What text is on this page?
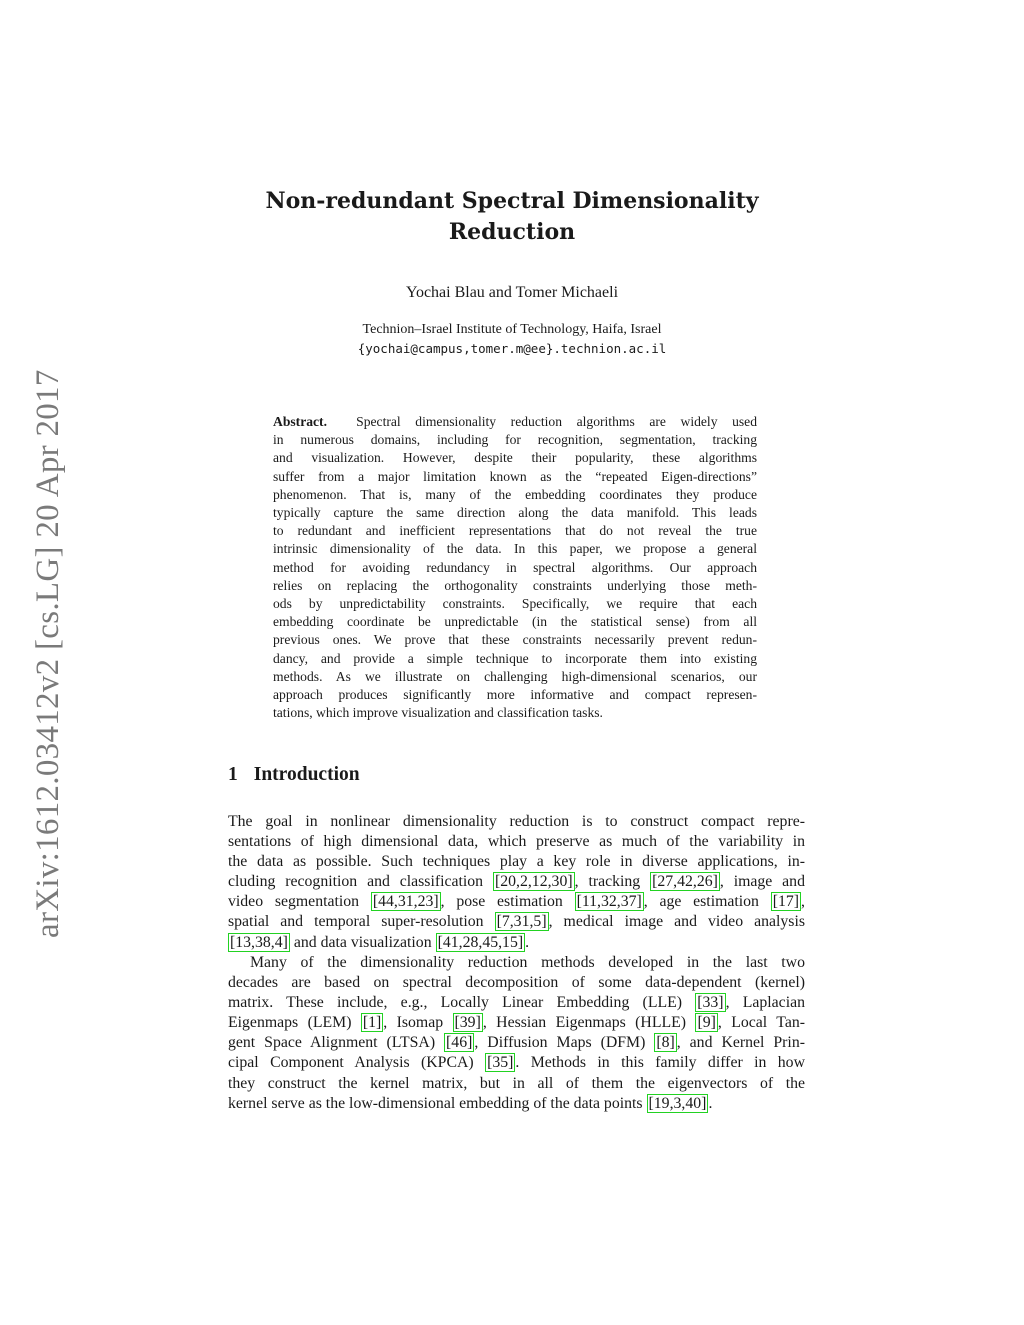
arXiv:1612.03412v2 [cs.LG] 20 Apr 2017
Non-redundant Spectral Dimensionality
Reduction
Yochai Blau and Tomer Michaeli
Technion–Israel Institute of Technology, Haifa, Israel
{yochai@campus,tomer.m@ee}.technion.ac.il
Abstract. Spectral dimensionality reduction algorithms are widely used
in numerous domains, including for recognition, segmentation, tracking
and visualization. However, despite their popularity, these algorithms
suffer from a major limitation known as the “repeated Eigen-directions”
phenomenon. That is, many of the embedding coordinates they produce
typically capture the same direction along the data manifold. This leads
to redundant and inefficient representations that do not reveal the true
intrinsic dimensionality of the data. In this paper, we propose a general
method for avoiding redundancy in spectral algorithms. Our approach
relies on replacing the orthogonality constraints underlying those meth-
ods by unpredictability constraints. Specifically, we require that each
embedding coordinate be unpredictable (in the statistical sense) from all
previous ones. We prove that these constraints necessarily prevent redun-
dancy, and provide a simple technique to incorporate them into existing
methods. As we illustrate on challenging high-dimensional scenarios, our
approach produces significantly more informative and compact represen-
tations, which improve visualization and classification tasks.
1 Introduction
The goal in nonlinear dimensionality reduction is to construct compact repre-
sentations of high dimensional data, which preserve as much of the variability in
the data as possible. Such techniques play a key role in diverse applications, in-
cluding recognition and classification [20,2,12,30] , tracking [27,42,26] , image and
video segmentation [44,31,23] , pose estimation [11,32,37] , age estimation [17] ,
spatial and temporal super-resolution [7,31,5] , medical image and video analysis
[13,38,4] and data visualization [41,28,45,15] .
Many of the dimensionality reduction methods developed in the last two
decades are based on spectral decomposition of some data-dependent (kernel)
matrix. These include, e.g., Locally Linear Embedding (LLE) [33] , Laplacian
Eigenmaps (LEM) [1] , Isomap [39] , Hessian Eigenmaps (HLLE) [9] , Local Tan-
gent Space Alignment (LTSA) [46] , Diffusion Maps (DFM) [8] , and Kernel Prin-
cipal Component Analysis (KPCA) [35] . Methods in this family differ in how
they construct the kernel matrix, but in all of them the eigenvectors of the
kernel serve as the low-dimensional embedding of the data points [19,3,40] .
